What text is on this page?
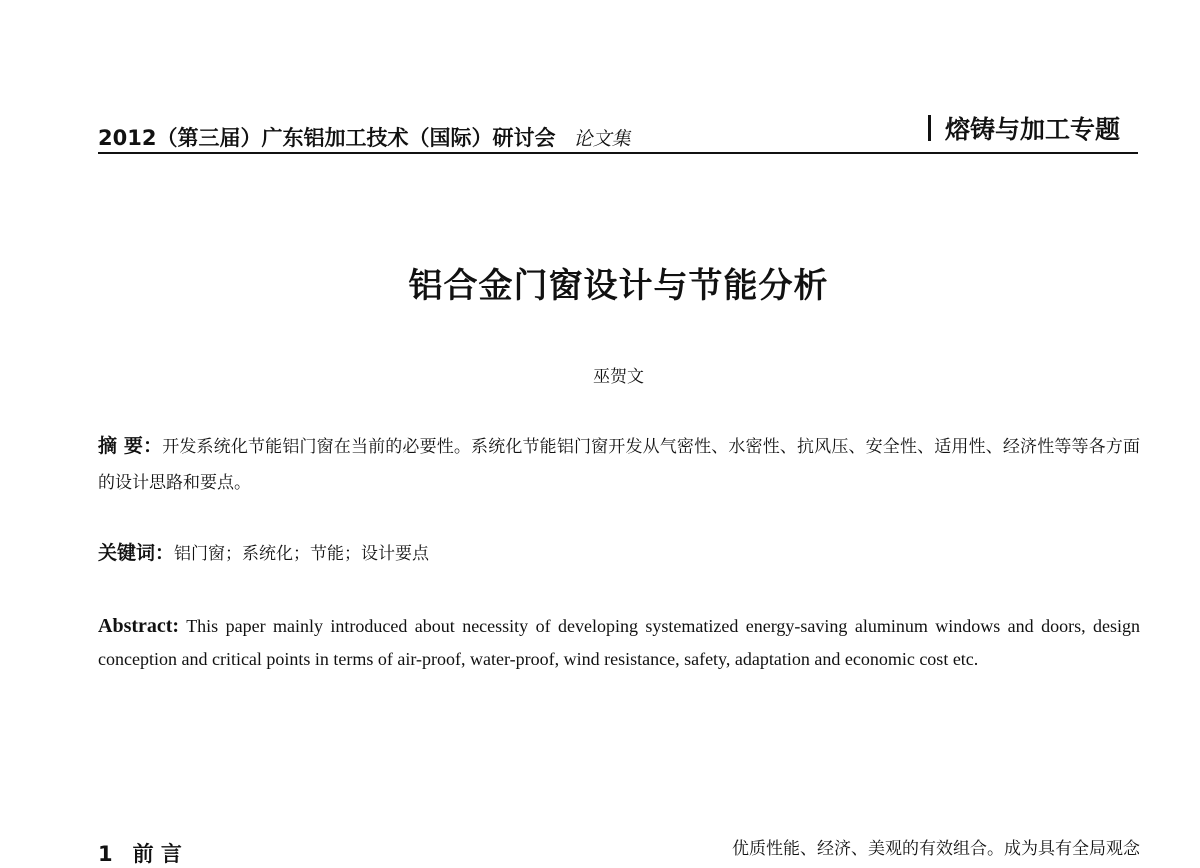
2012（第三届）广东铝加工技术（国际）研讨会 论文集	熔铸与加工专题
铝合金门窗设计与节能分析
巫贺文
摘 要：开发系统化节能铝门窗在当前的必要性。系统化节能铝门窗开发从气密性、水密性、抗风压、安全性、适用性、经济性等等各方面的设计思路和要点。
关键词：铝门窗；系统化；节能；设计要点
Abstract: This paper mainly introduced about necessity of developing systematized energy-saving aluminum windows and doors, design conception and critical points in terms of air-proof, water-proof, wind resistance, safety, adaptation and economic cost etc.
1 前 言	优质性能、经济、美观的有效组合。成为具有全局观念
